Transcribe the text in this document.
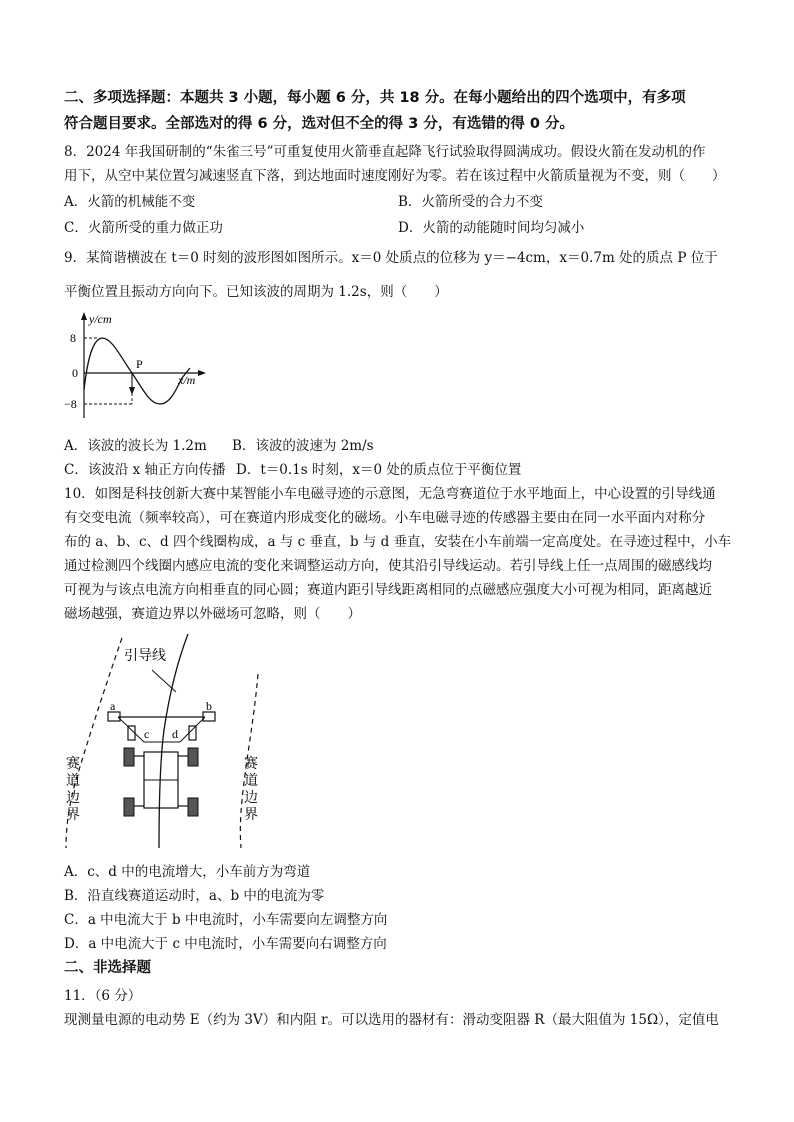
二、多项选择题：本题共 3 小题，每小题 6 分，共 18 分。在每小题给出的四个选项中，有多项
符合题目要求。全部选对的得 6 分，选对但不全的得 3 分，有选错的得 0 分。
8．2024 年我国研制的“朱雀三号”可重复使用火箭垂直起降飞行试验取得圆满成功。假设火箭在发动机的作
用下，从空中某位置匀减速竖直下落，到达地面时速度刚好为零。若在该过程中火箭质量视为不变，则（　　）
A．火箭的机械能不变	B．火箭所受的合力不变
C．火箭所受的重力做正功	D．火箭的动能随时间均匀减小
9．某简谐横波在 t＝0 时刻的波形图如图所示。x＝0 处质点的位移为 y＝−4cm，x＝0.7m 处的质点 P 位于
平衡位置且振动方向向下。已知该波的周期为 1.2s，则（　　）
P
y/cm
x/m
8
0
−8
A．该波的波长为 1.2m B．该波的波速为 2m/s
C．该波沿 x 轴正方向传播 D．t＝0.1s 时刻，x＝0 处的质点位于平衡位置
10．如图是科技创新大赛中某智能小车电磁寻迹的示意图，无急弯赛道位于水平地面上，中心设置的引导线通
有交变电流（频率较高），可在赛道内形成变化的磁场。小车电磁寻迹的传感器主要由在同一水平面内对称分
布的 a、b、c、d 四个线圈构成，a 与 c 垂直，b 与 d 垂直，安装在小车前端一定高度处。在寻迹过程中，小车
通过检测四个线圈内感应电流的变化来调整运动方向，使其沿引导线运动。若引导线上任一点周围的磁感线均
可视为与该点电流方向相垂直的同心圆；赛道内距引导线距离相同的点磁感应强度大小可视为相同，距离越近
磁场越强，赛道边界以外磁场可忽略，则（　　）
引导线
a	b
c d
赛
道
边
界
赛
道
边
界
A．c、d 中的电流增大，小车前方为弯道
B．沿直线赛道运动时，a、b 中的电流为零
C．a 中电流大于 b 中电流时，小车需要向左调整方向
D．a 中电流大于 c 中电流时，小车需要向右调整方向
二、非选择题
11．（6 分）
现测量电源的电动势 E（约为 3V）和内阻 r。可以选用的器材有：滑动变阻器 R（最大阻值为 15Ω），定值电
